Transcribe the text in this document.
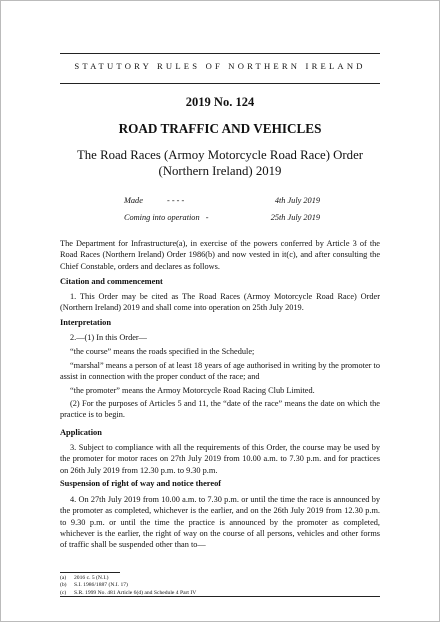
STATUTORY RULES OF NORTHERN IRELAND
2019 No. 124
ROAD TRAFFIC AND VEHICLES
The Road Races (Armoy Motorcycle Road Race) Order
(Northern Ireland) 2019
Made	- - - -	4th July 2019
Coming into operation -	25th July 2019
The Department for Infrastructure(a), in exercise of the powers conferred by Article 3 of the Road Races (Northern Ireland) Order 1986(b) and now vested in it(c), and after consulting the Chief Constable, orders and declares as follows.
Citation and commencement
1. This Order may be cited as The Road Races (Armoy Motorcycle Road Race) Order (Northern Ireland) 2019 and shall come into operation on 25th July 2019.
Interpretation
2.—(1) In this Order—
“the course” means the roads specified in the Schedule;
“marshal” means a person of at least 18 years of age authorised in writing by the promoter to assist in connection with the proper conduct of the race; and
“the promoter” means the Armoy Motorcycle Road Racing Club Limited.
(2) For the purposes of Articles 5 and 11, the “date of the race” means the date on which the practice is to begin.
Application
3. Subject to compliance with all the requirements of this Order, the course may be used by the promoter for motor races on 27th July 2019 from 10.00 a.m. to 7.30 p.m. and for practices on 26th July 2019 from 12.30 p.m. to 9.30 p.m.
Suspension of right of way and notice thereof
4. On 27th July 2019 from 10.00 a.m. to 7.30 p.m. or until the time the race is announced by the promoter as completed, whichever is the earlier, and on the 26th July 2019 from 12.30 p.m. to 9.30 p.m. or until the time the practice is announced by the promoter as completed, whichever is the earlier, the right of way on the course of all persons, vehicles and other forms of traffic shall be suspended other than to—
(a)	2016 c. 5 (N.I.)
(b)	S.I. 1986/1887 (N.I. 17)
(c)	S.R. 1999 No. 481 Article 6(d) and Schedule 4 Part IV
